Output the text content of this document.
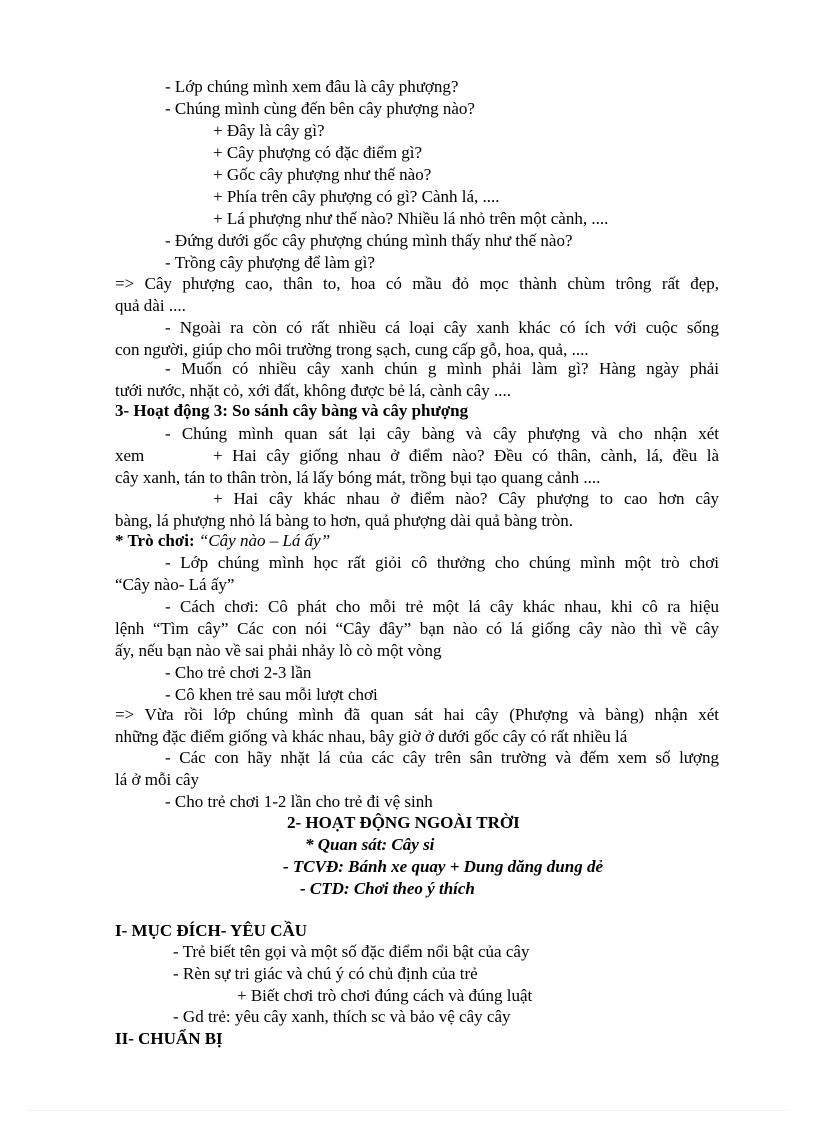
- Lớp chúng mình xem đâu là cây phượng?

- Chúng mình cùng đến bên cây phượng nào?

+ Đây là cây gì?

+ Cây phượng có đặc điểm gì?

+ Gốc cây phượng như thế nào?

+ Phía trên cây phượng có gì? Cành lá, ....

+ Lá phượng như thế nào? Nhiều lá nhỏ trên một cành, ....

- Đứng dưới gốc cây phượng chúng mình thấy như thế nào?

- Trồng cây phượng để làm gì?

=> Cây phượng cao, thân to, hoa có mầu đỏ mọc thành chùm trông rất đẹp,

quả dài ....

- Ngoài ra còn có rất nhiều cá loại cây xanh khác có ích với cuộc sống

con người, giúp cho môi trường trong sạch, cung cấp gỗ, hoa, quả, ....

- Muốn có nhiều cây xanh chún g mình phải làm gì? Hàng ngày phải

tưới nước, nhặt cỏ, xới đất, không được bẻ lá, cành cây ....

3- Hoạt động 3: So sánh cây bàng và cây phượng

- Chúng mình quan sát lại cây bàng và cây phượng và cho nhận xét

xem	+ Hai cây giống nhau ở điểm nào? Đều có thân, cành, lá, đều là

cây xanh, tán to thân tròn, lá lấy bóng mát, trồng bụi tạo quang cảnh ....

+ Hai cây khác nhau ở điểm nào? Cây phượng to cao hơn cây

bàng, lá phượng nhỏ lá bàng to hơn, quả phượng dài quả bàng tròn.

* Trò chơi: “Cây nào – Lá ấy”

- Lớp chúng mình học rất giỏi cô thưởng cho chúng mình một trò chơi

“Cây nào- Lá ấy”

- Cách chơi: Cô phát cho mỗi trẻ một lá cây khác nhau, khi cô ra hiệu

lệnh “Tìm cây” Các con nói “Cây đây” bạn nào có lá giống cây nào thì về cây

ấy, nếu bạn nào về sai phải nhảy lò cò một vòng

- Cho trẻ chơi 2-3 lần

- Cô khen trẻ sau mỗi lượt chơi

=> Vừa rồi lớp chúng mình đã quan sát hai cây (Phượng và bàng) nhận xét

những đặc điểm giống và khác nhau, bây giờ ở dưới gốc cây có rất nhiều lá

- Các con hãy nhặt lá của các cây trên sân trường và đếm xem số lượng

lá ở mỗi cây

- Cho trẻ chơi 1-2 lần cho trẻ đi vệ sinh

2- HOẠT ĐỘNG NGOÀI TRỜI

* Quan sát: Cây si

- TCVĐ: Bánh xe quay + Dung dăng dung dẻ

- CTD: Chơi theo ý thích

I- MỤC ĐÍCH- YÊU CẦU

- Trẻ biết tên gọi và một số đặc điểm nổi bật của cây

- Rèn sự tri giác và chú ý có chủ định của trẻ

+ Biết chơi trò chơi đúng cách và đúng luật

- Gd trẻ: yêu cây xanh, thích sc và bảo vệ cây cây

II- CHUẨN BỊ
